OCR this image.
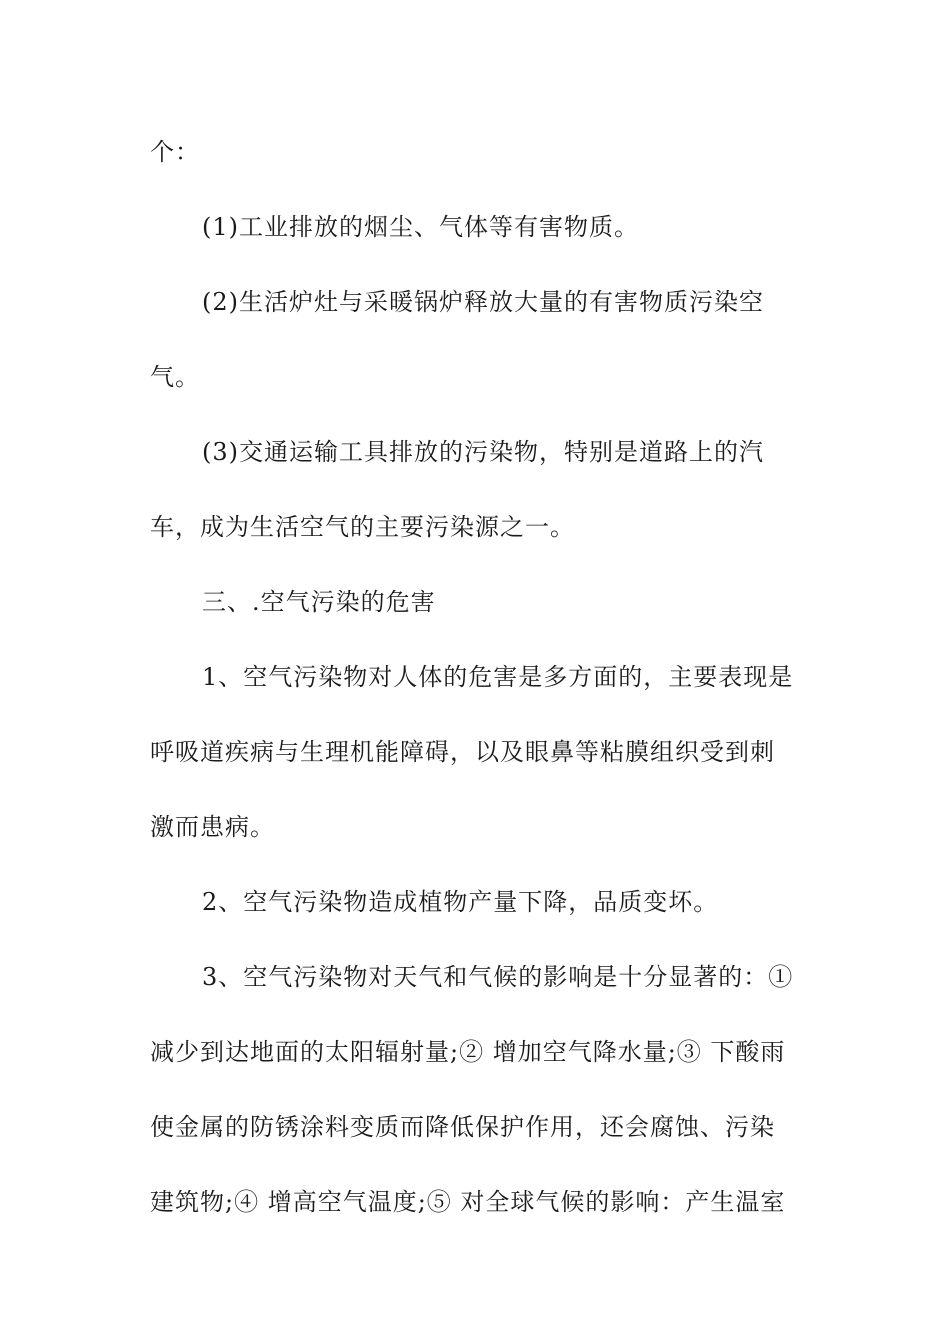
个：
(1)工业排放的烟尘、气体等有害物质。
(2)生活炉灶与采暖锅炉释放大量的有害物质污染空
气。
(3)交通运输工具排放的污染物，特别是道路上的汽
车，成为生活空气的主要污染源之一。
三、.空气污染的危害
1、空气污染物对人体的危害是多方面的，主要表现是
呼吸道疾病与生理机能障碍，以及眼鼻等粘膜组织受到刺
激而患病。
2、空气污染物造成植物产量下降，品质变坏。
3、空气污染物对天气和气候的影响是十分显著的：①
减少到达地面的太阳辐射量;② 增加空气降水量;③ 下酸雨
使金属的防锈涂料变质而降低保护作用，还会腐蚀、污染
建筑物;④ 增高空气温度;⑤ 对全球气候的影响：产生温室
